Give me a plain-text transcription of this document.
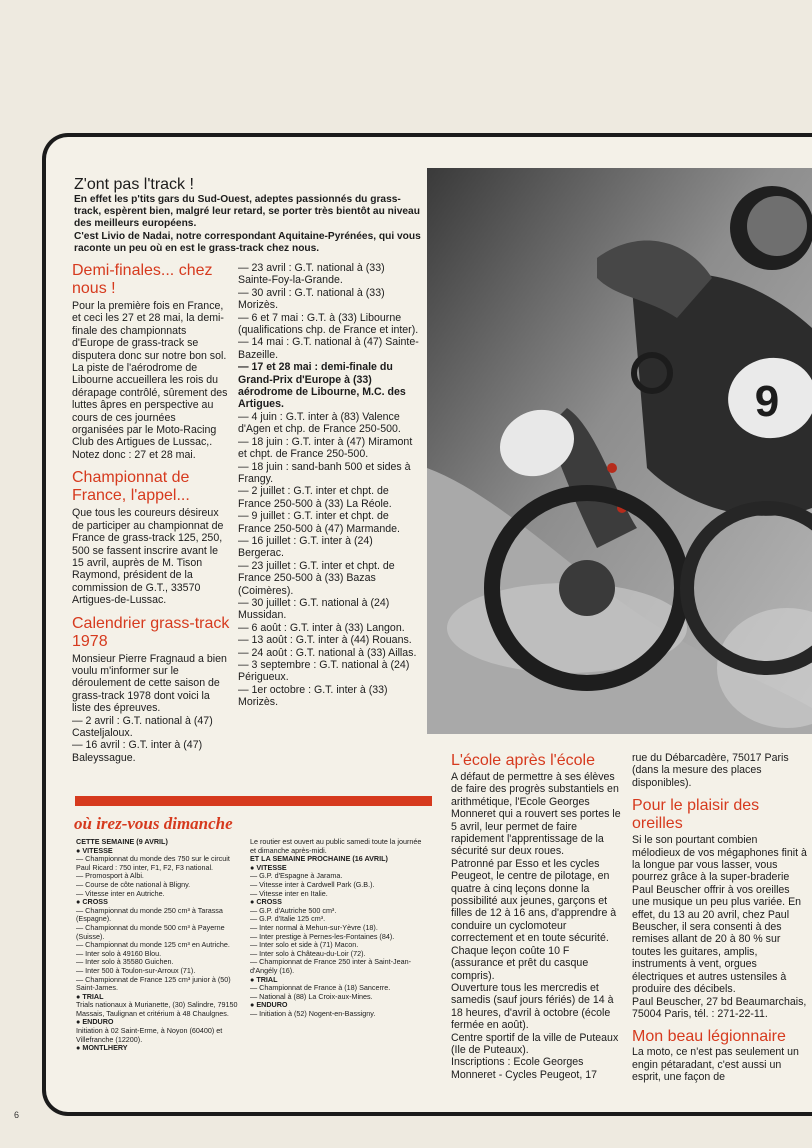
Z'ont pas l'track !
En effet les p'tits gars du Sud-Ouest, adeptes passionnés du grass-track, espèrent bien, malgré leur retard, se porter très bientôt au niveau des meilleurs européens.
C'est Livio de Nadai, notre correspondant Aquitaine-Pyrénées, qui vous raconte un peu où en est le grass-track chez nous.
Demi-finales... chez nous !

Pour la première fois en France, et ceci les 27 et 28 mai, la demi-finale des championnats d'Europe de grass-track se disputera donc sur notre bon sol. La piste de l'aérodrome de Libourne accueillera les rois du dérapage contrôlé, sûrement des luttes âpres en perspective au cours de ces journées organisées par le Moto-Racing Club des Artigues de Lussac,. Notez donc : 27 et 28 mai.

Championnat de France, l'appel...

Que tous les coureurs désireux de participer au championnat de France de grass-track 125, 250, 500 se fassent inscrire avant le 15 avril, auprès de M. Tison Raymond, président de la commission de G.T., 33570 Artigues-de-Lussac.

Calendrier grass-track 1978

Monsieur Pierre Fragnaud a bien voulu m'informer sur le déroulement de cette saison de grass-track 1978 dont voici la liste des épreuves.

— 2 avril : G.T. national à (47) Casteljaloux.

— 16 avril : G.T. inter à (47) Baleyssague.

— 23 avril : G.T. national à (33) Sainte-Foy-la-Grande.

— 30 avril : G.T. national à (33) Morizès.

— 6 et 7 mai : G.T. à (33) Libourne (qualifications chp. de France et inter).

— 14 mai : G.T. national à (47) Sainte-Bazeille.

— 17 et 28 mai : demi-finale du Grand-Prix d'Europe à (33) aérodrome de Libourne, M.C. des Artigues.

— 4 juin : G.T. inter à (83) Valence d'Agen et chp. de France 250-500.

— 18 juin : G.T. inter à (47) Miramont et chpt. de France 250-500.

— 18 juin : sand-banh 500 et sides à Frangy.

— 2 juillet : G.T. inter et chpt. de France 250-500 à (33) La Réole.

— 9 juillet : G.T. inter et chpt. de France 250-500 à (47) Marmande.

— 16 juillet : G.T. inter à (24) Bergerac.

— 23 juillet : G.T. inter et chpt. de France 250-500 à (33) Bazas (Coimères).

— 30 juillet : G.T. national à (24) Mussidan.

— 6 août : G.T. inter à (33) Langon.

— 13 août : G.T. inter à (44) Rouans.

— 24 août : G.T. national à (33) Aillas.

— 3 septembre : G.T. national à (24) Périgueux.

— 1er octobre : G.T. inter à (33) Morizès.

9
où irez-vous dimanche

CETTE SEMAINE (9 AVRIL)

● VITESSE

— Championnat du monde des 750 sur le circuit Paul Ricard : 750 inter, F1, F2, F3 national.

— Promosport à Albi.

— Course de côte national à Bligny.

— Vitesse inter en Autriche.

● CROSS

— Championnat du monde 250 cm³ à Tarassa (Espagne).

— Championnat du monde 500 cm³ à Payerne (Suisse).

— Championnat du monde 125 cm³ en Autriche.

— Inter solo à 49160 Blou.

— Inter solo à 35580 Guichen.

— Inter 500 à Toulon-sur-Arroux (71).

— Championnat de France 125 cm³ junior à (50) Saint-James.

● TRIAL

Trials nationaux à Murianette, (30) Salindre, 79150 Massais, Taulignan et critérium à 48 Chaulgnes.

● ENDURO

Initiation à 02 Saint-Erme, à Noyon (60400) et Villefranche (12200).

● MONTLHERY

Le routier est ouvert au public samedi toute la journée et dimanche après-midi.

ET LA SEMAINE PROCHAINE (16 AVRIL)

● VITESSE

— G.P. d'Espagne à Jarama.

— Vitesse inter à Cardwell Park (G.B.).

— Vitesse inter en Italie.

● CROSS

— G.P. d'Autriche 500 cm³.

— G.P. d'Italie 125 cm³.

— Inter normal à Mehun-sur-Yèvre (18).

— Inter prestige à Pernes-les-Fontaines (84).

— Inter solo et side à (71) Macon.

— Inter solo à Château-du-Loir (72).

— Championnat de France 250 inter à Saint-Jean-d'Angély (16).

● TRIAL

— Championnat de France à (18) Sancerre.

— National à (88) La Croix-aux-Mines.

● ENDURO

— Initiation à (52) Nogent-en-Bassigny.

L'école après l'école

A défaut de permettre à ses élèves de faire des progrès substantiels en arithmétique, l'Ecole Georges Monneret qui a rouvert ses portes le 5 avril, leur permet de faire rapidement l'apprentissage de la sécurité sur deux roues.
Patronné par Esso et les cycles Peugeot, le centre de pilotage, en quatre à cinq leçons donne la possibilité aux jeunes, garçons et filles de 12 à 16 ans, d'apprendre à conduire un cyclomoteur correctement et en toute sécurité.
Chaque leçon coûte 10 F (assurance et prêt du casque compris).
Ouverture tous les mercredis et samedis (sauf jours fériés) de 14 à 18 heures, d'avril à octobre (école fermée en août).
Centre sportif de la ville de Puteaux (Ile de Puteaux).
Inscriptions : Ecole Georges Monneret - Cycles Peugeot, 17

rue du Débarcadère, 75017 Paris (dans la mesure des places disponibles).

Pour le plaisir des oreilles

Si le son pourtant combien mélodieux de vos mégaphones finit à la longue par vous lasser, vous pourrez grâce à la super-braderie Paul Beuscher offrir à vos oreilles une musique un peu plus variée. En effet, du 13 au 20 avril, chez Paul Beuscher, il sera consenti à des remises allant de 20 à 80 % sur toutes les guitares, amplis, instruments à vent, orgues électriques et autres ustensiles à produire des décibels.
Paul Beuscher, 27 bd Beaumarchais, 75004 Paris, tél. : 271-22-11.

Mon beau légionnaire

La moto, ce n'est pas seulement un engin pétaradant, c'est aussi un esprit, une façon de

6
